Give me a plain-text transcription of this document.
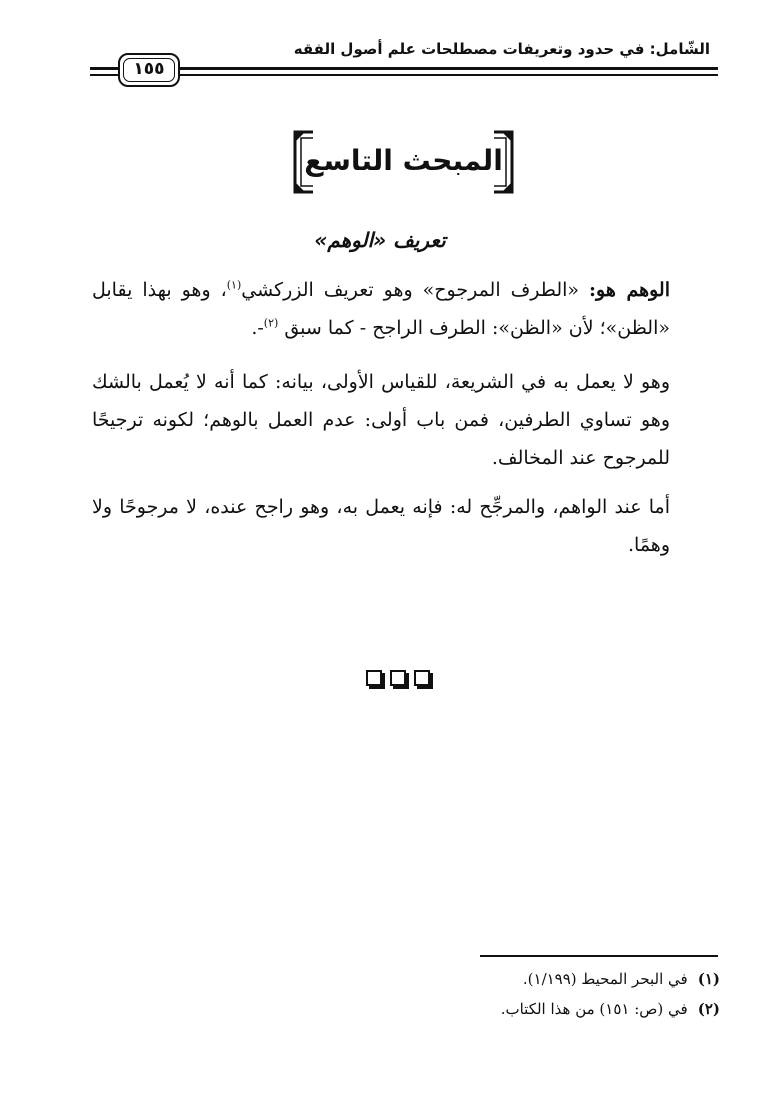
الشّامل: في حدود وتعريفات مصطلحات علم أصول الفقه
١٥٥
المبحث التاسع
تعريف «الوهم»

الوهم هو: «الطرف المرجوح» وهو تعريف الزركشي$^{(١)}$، وهو بهذا يقابل «الظن»؛ لأن «الظن»: الطرف الراجح - كما سبق $^{(٢)}$-.

وهو لا يعمل به في الشريعة، للقياس الأولى، بيانه: كما أنه لا يُعمل بالشك وهو تساوي الطرفين، فمن باب أولى: عدم العمل بالوهم؛ لكونه ترجيحًا للمرجوح عند المخالف.

أما عند الواهم، والمرجِّح له: فإنه يعمل به، وهو راجح عنده، لا مرجوحًا ولا وهمًا.

(١)
في البحر المحيط (١/١٩٩).
(٢)
في (ص: ١٥١) من هذا الكتاب.
